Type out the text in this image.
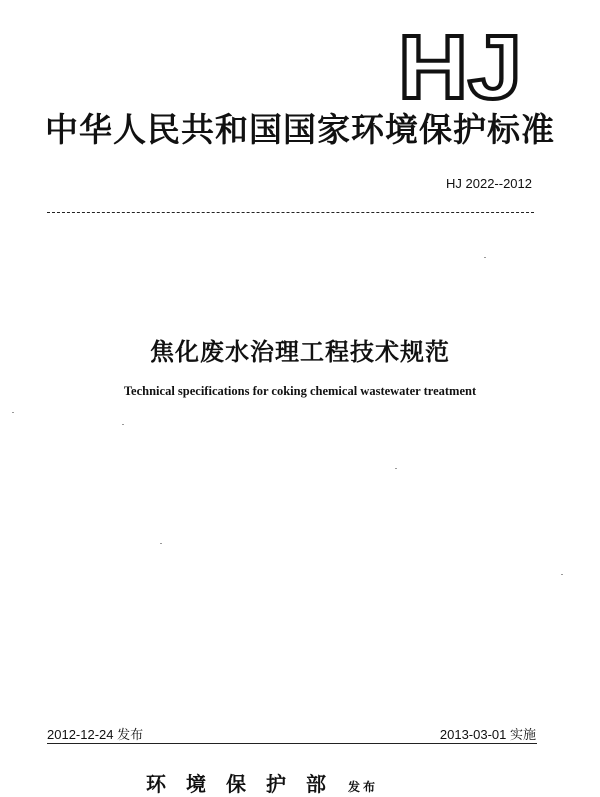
HJ
中华人民共和国国家环境保护标准
HJ 2022--2012
焦化废水治理工程技术规范
Technical specifications for coking chemical wastewater treatment
2012-12-24 发布	2013-03-01 实施
环境保护部 发布
